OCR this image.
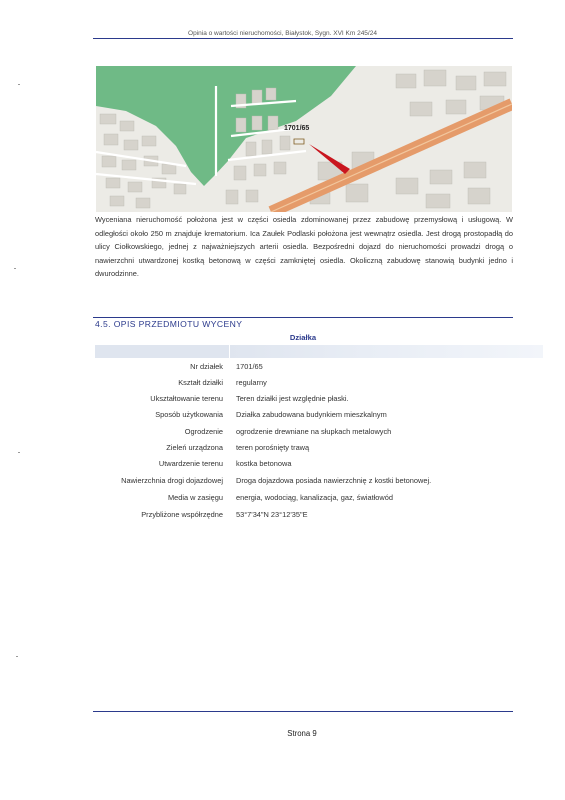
Opinia o wartości nieruchomości, Białystok, Sygn. XVI Km 245/24
1701/65
Wyceniana nieruchomość położona jest w części osiedla zdominowanej przez zabudowę przemysłową i usługową. W odległości około 250 m znajduje krematorium. Ica Zaułek Podlaski położona jest wewnątrz osiedla. Jest drogą prostopadłą do ulicy Ciołkowskiego, jednej z najważniejszych arterii osiedla. Bezpośredni dojazd do nieruchomości prowadzi drogą o nawierzchni utwardzonej kostką betonową w części zamkniętej osiedla. Okoliczną zabudowę stanowią budynki jedno i dwurodzinne.
4.5. OPIS PRZEDMIOTU WYCENY
Działka
Nr działek 1701/65
Kształt działki regularny
Ukształtowanie terenu Teren działki jest względnie płaski.
Sposób użytkowania Działka zabudowana budynkiem mieszkalnym
Ogrodzenie ogrodzenie drewniane na słupkach metalowych
Zieleń urządzona teren porośnięty trawą
Utwardzenie terenu kostka betonowa
Nawierzchnia drogi dojazdowej Droga dojazdowa posiada nawierzchnię z kostki betonowej.
Media w zasięgu energia, wodociąg, kanalizacja, gaz, światłowód
Przybliżone współrzędne 53°7'34"N 23°12'35"E
Strona 9
